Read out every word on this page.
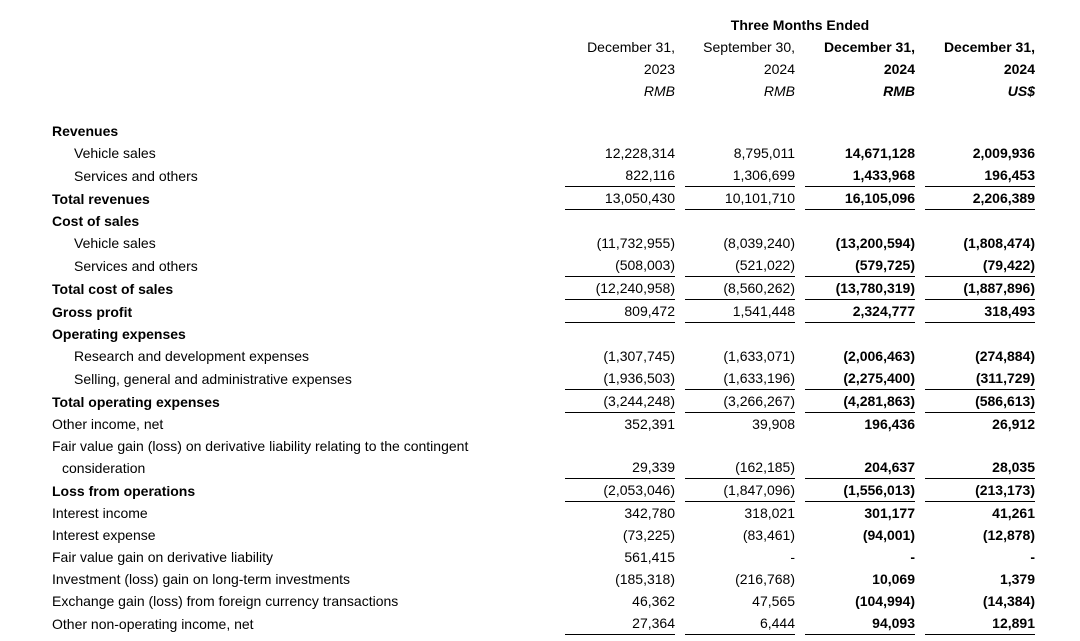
	Three Months Ended			
	December 31,	September 30,	December 31,	December 31,
	2023	2024	2024	2024
	RMB	RMB	RMB	US$

Revenues				
Vehicle sales	12,228,314	8,795,011	14,671,128	2,009,936
Services and others	822,116	1,306,699	1,433,968	196,453
Total revenues	13,050,430	10,101,710	16,105,096	2,206,389
Cost of sales				
Vehicle sales	(11,732,955)	(8,039,240)	(13,200,594)	(1,808,474)
Services and others	(508,003)	(521,022)	(579,725)	(79,422)
Total cost of sales	(12,240,958)	(8,560,262)	(13,780,319)	(1,887,896)
Gross profit	809,472	1,541,448	2,324,777	318,493
Operating expenses				
Research and development expenses	(1,307,745)	(1,633,071)	(2,006,463)	(274,884)
Selling, general and administrative expenses	(1,936,503)	(1,633,196)	(2,275,400)	(311,729)
Total operating expenses	(3,244,248)	(3,266,267)	(4,281,863)	(586,613)
Other income, net	352,391	39,908	196,436	26,912
Fair value gain (loss) on derivative liability relating to the contingent consideration	29,339	(162,185)	204,637	28,035
Loss from operations	(2,053,046)	(1,847,096)	(1,556,013)	(213,173)
Interest income	342,780	318,021	301,177	41,261
Interest expense	(73,225)	(83,461)	(94,001)	(12,878)
Fair value gain on derivative liability	561,415	-	-	-
Investment (loss) gain on long-term investments	(185,318)	(216,768)	10,069	1,379
Exchange gain (loss) from foreign currency transactions	46,362	47,565	(104,994)	(14,384)
Other non-operating income, net	27,364	6,444	94,093	12,891
